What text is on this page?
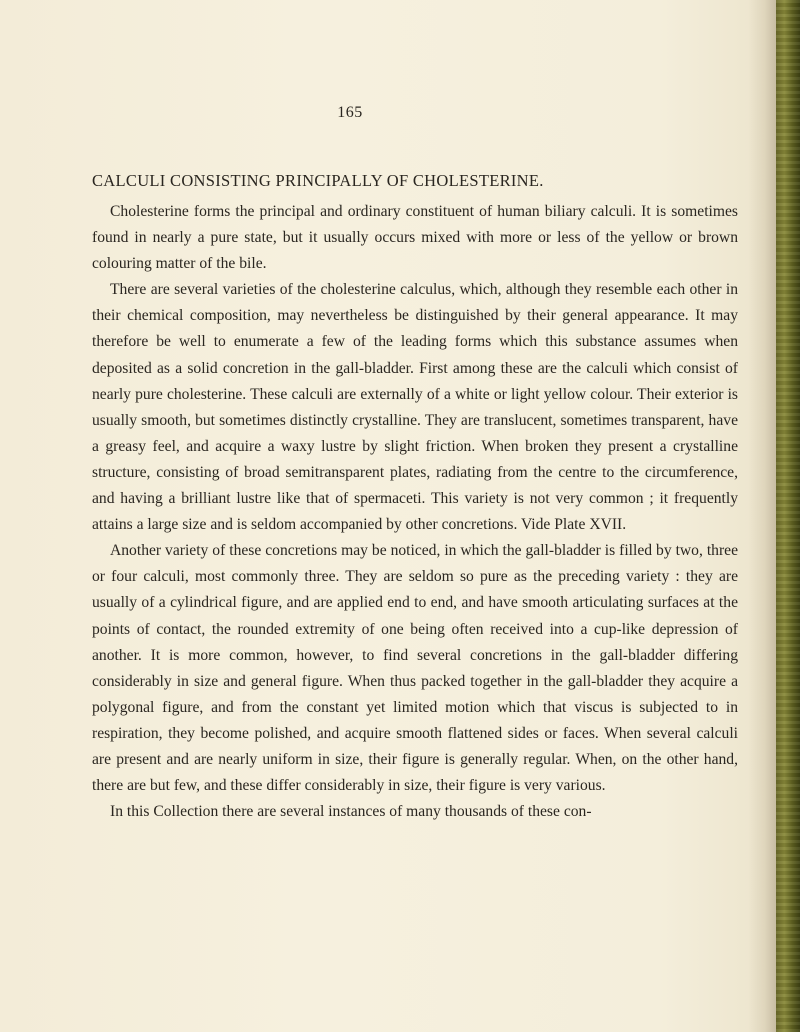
165
CALCULI CONSISTING PRINCIPALLY OF CHOLESTERINE.

Cholesterine forms the principal and ordinary constituent of human biliary calculi. It is sometimes found in nearly a pure state, but it usually occurs mixed with more or less of the yellow or brown colouring matter of the bile.

There are several varieties of the cholesterine calculus, which, although they resemble each other in their chemical composition, may nevertheless be distinguished by their general appearance. It may therefore be well to enumerate a few of the leading forms which this substance assumes when deposited as a solid concretion in the gall-bladder. First among these are the calculi which consist of nearly pure cholesterine. These calculi are externally of a white or light yellow colour. Their exterior is usually smooth, but sometimes distinctly crystalline. They are translucent, sometimes transparent, have a greasy feel, and acquire a waxy lustre by slight friction. When broken they present a crystalline structure, consisting of broad semitransparent plates, radiating from the centre to the circumference, and having a brilliant lustre like that of spermaceti. This variety is not very common ; it frequently attains a large size and is seldom accompanied by other concretions. Vide Plate XVII.

Another variety of these concretions may be noticed, in which the gall-bladder is filled by two, three or four calculi, most commonly three. They are seldom so pure as the preceding variety : they are usually of a cylindrical figure, and are applied end to end, and have smooth articulating surfaces at the points of contact, the rounded extremity of one being often received into a cup-like depression of another. It is more common, however, to find several concretions in the gall-bladder differing considerably in size and general figure. When thus packed together in the gall-bladder they acquire a polygonal figure, and from the constant yet limited motion which that viscus is subjected to in respiration, they become polished, and acquire smooth flattened sides or faces. When several calculi are present and are nearly uniform in size, their figure is generally regular. When, on the other hand, there are but few, and these differ considerably in size, their figure is very various.

In this Collection there are several instances of many thousands of these con-
